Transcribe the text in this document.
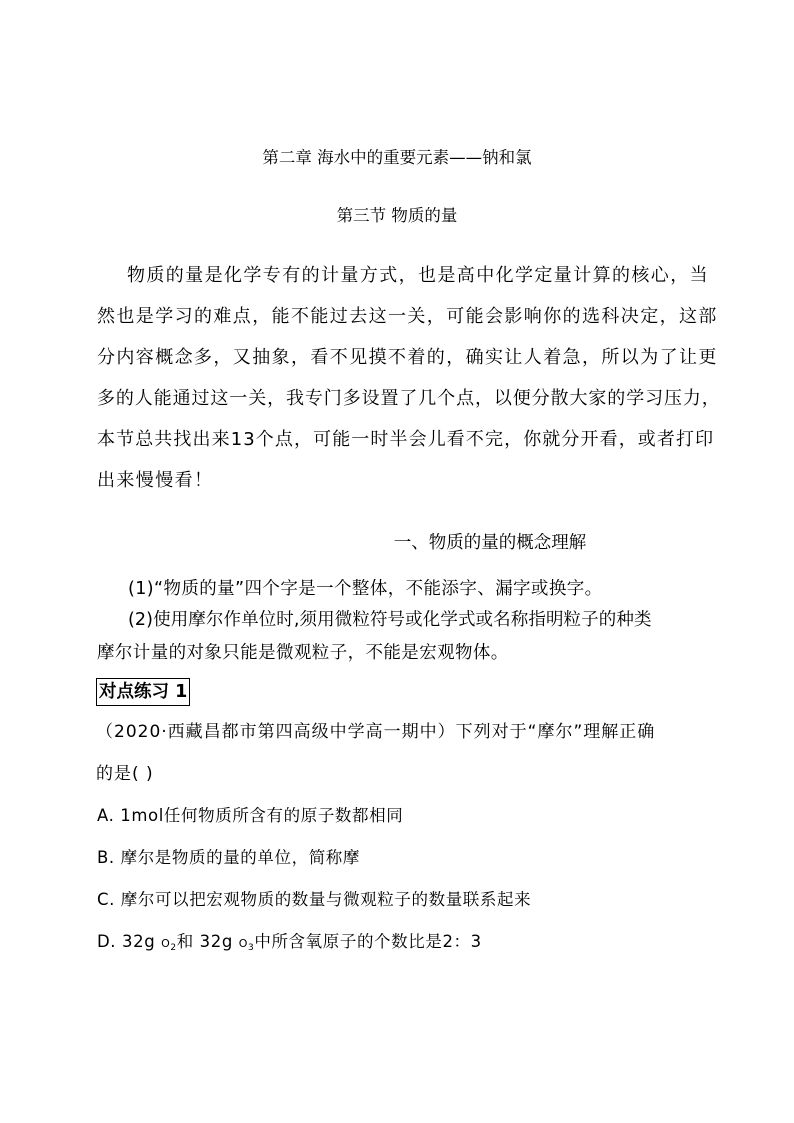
第二章 海水中的重要元素——钠和氯
第三节 物质的量
物质的量是化学专有的计量方式，也是高中化学定量计算的核心，当
然也是学习的难点，能不能过去这一关，可能会影响你的选科决定，这部
分内容概念多，又抽象，看不见摸不着的，确实让人着急，所以为了让更
多的人能通过这一关，我专门多设置了几个点，以便分散大家的学习压力，
本节总共找出来13个点，可能一时半会儿看不完，你就分开看，或者打印
出来慢慢看！
一、物质的量的概念理解
(1)“物质的量”四个字是一个整体，不能添字、漏字或换字。
(2)使用摩尔作单位时,须用微粒符号或化学式或名称指明粒子的种类
摩尔计量的对象只能是微观粒子，不能是宏观物体。
对点练习 1
（2020·西藏昌都市第四高级中学高一期中）下列对于“摩尔”理解正确
的是( )
A. 1mol任何物质所含有的原子数都相同
B. 摩尔是物质的量的单位，简称摩
C. 摩尔可以把宏观物质的数量与微观粒子的数量联系起来
D. 32g $O_2$和 32g $O_3$中所含氧原子的个数比是2：3
